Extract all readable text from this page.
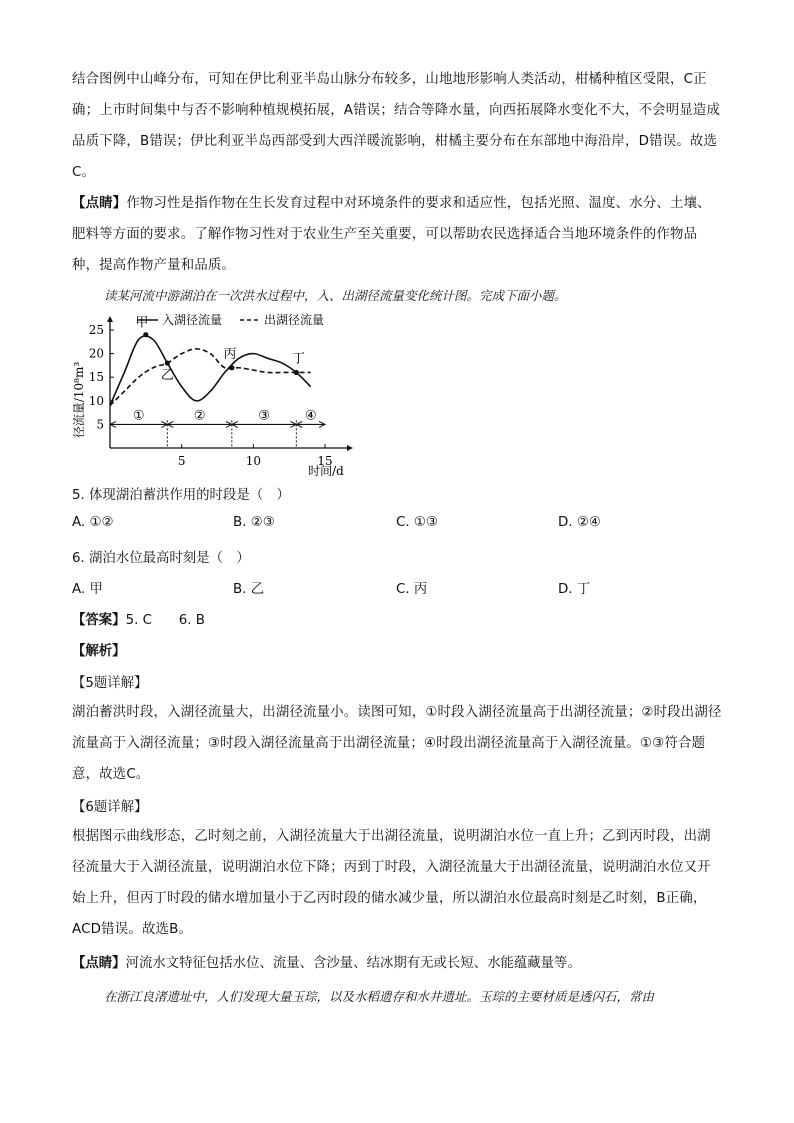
结合图例中山峰分布，可知在伊比利亚半岛山脉分布较多，山地地形影响人类活动，柑橘种植区受限，C正确；上市时间集中与否不影响种植规模拓展，A错误；结合等降水量，向西拓展降水变化不大，不会明显造成品质下降，B错误；伊比利亚半岛西部受到大西洋暖流影响，柑橘主要分布在东部地中海沿岸，D错误。故选C。
【点睛】作物习性是指作物在生长发育过程中对环境条件的要求和适应性，包括光照、温度、水分、土壤、肥料等方面的要求。了解作物习性对于农业生产至关重要，可以帮助农民选择适合当地环境条件的作物品种，提高作物产量和品质。
读某河流中游湖泊在一次洪水过程中，入、出湖径流量变化统计图。完成下面小题。
入湖径流量	出湖径流量
径流量/10⁸m³
时间/d
5
10
15
20
25
5	10	15
①	②	③	④
甲
乙
丙	丁
5. 体现湖泊蓄洪作用的时段是（　）
A. ①②	B. ②③	C. ①③	D. ②④
6. 湖泊水位最高时刻是（　）
A. 甲	B. 乙	C. 丙	D. 丁
【答案】5. C　　6. B
【解析】
【5题详解】
湖泊蓄洪时段，入湖径流量大，出湖径流量小。读图可知，①时段入湖径流量高于出湖径流量；②时段出湖径流量高于入湖径流量；③时段入湖径流量高于出湖径流量；④时段出湖径流量高于入湖径流量。①③符合题意，故选C。
【6题详解】
根据图示曲线形态，乙时刻之前，入湖径流量大于出湖径流量，说明湖泊水位一直上升；乙到丙时段，出湖径流量大于入湖径流量，说明湖泊水位下降；丙到丁时段，入湖径流量大于出湖径流量，说明湖泊水位又开始上升，但丙丁时段的储水增加量小于乙丙时段的储水减少量，所以湖泊水位最高时刻是乙时刻，B正确，ACD错误。故选B。
【点睛】河流水文特征包括水位、流量、含沙量、结冰期有无或长短、水能蕴藏量等。
在浙江良渚遗址中，人们发现大量玉琮，以及水稻遗存和水井遗址。玉琮的主要材质是透闪石，常由
